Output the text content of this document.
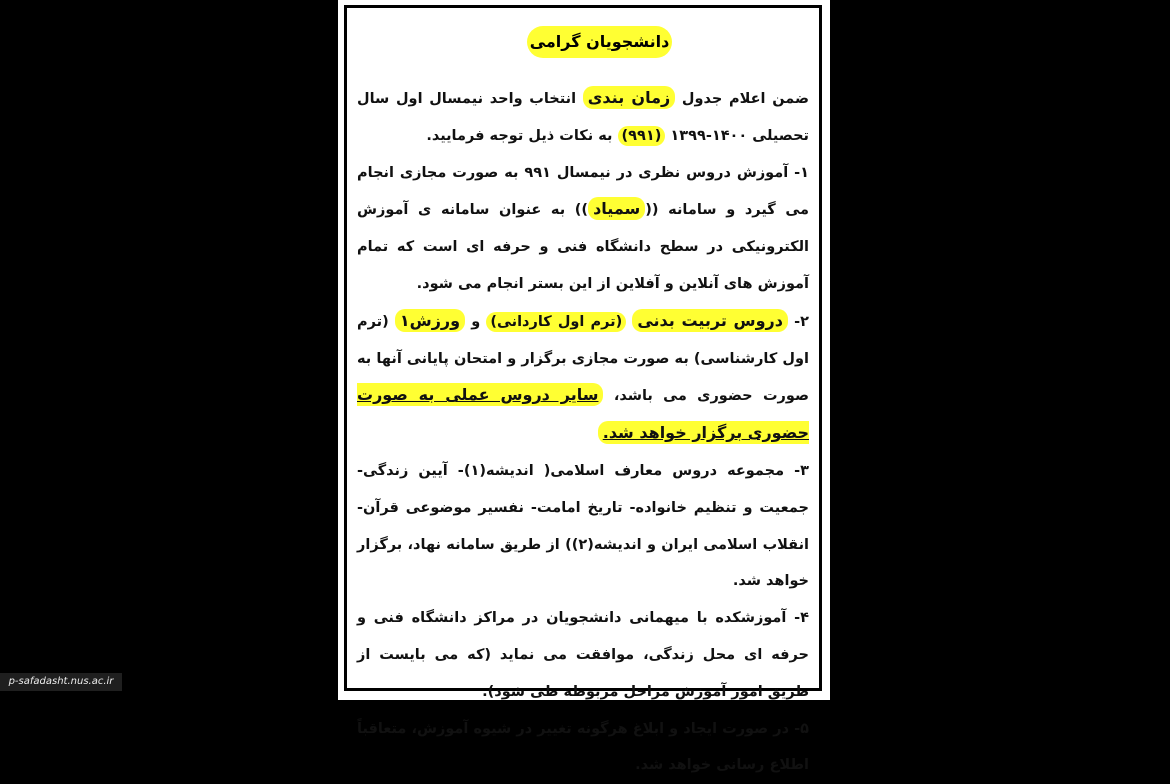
دانشجویان گرامی

ضمن اعلام جدول زمان بندی انتخاب واحد نیمسال اول سال تحصیلی ۱۴۰۰-۱۳۹۹ (۹۹۱) به نکات ذیل توجه فرمایید.

۱- آموزش دروس نظری در نیمسال ۹۹۱ به صورت مجازی انجام می گیرد و سامانه ((سمیاد)) به عنوان سامانه ی آموزش الکترونیکی در سطح دانشگاه فنی و حرفه ای است که تمام آموزش های آنلاین و آفلاین از این بستر انجام می شود.

۲- دروس تربیت بدنی (ترم اول کاردانی) و ورزش۱ (ترم اول کارشناسی) به صورت مجازی برگزار و امتحان پایانی آنها به صورت حضوری می باشد، سایر دروس عملی به صورت حضوری برگزار خواهد شد.

۳- مجموعه دروس معارف اسلامی( اندیشه(۱)- آیین زندگی- جمعیت و تنظیم خانواده- تاریخ امامت- نفسیر موضوعی قرآن- انقلاب اسلامی ایران و اندیشه(۲)) از طریق سامانه نهاد، برگزار خواهد شد.

۴- آموزشکده با میهمانی دانشجویان در مراکز دانشگاه فنی و حرفه ای محل زندگی، موافقت می نماید (که می بایست از طریق امور آموزش مراحل مربوطه طی شود).

۵- در صورت ایجاد و ابلاغ هرگونه تغییر در شیوه آموزش، متعاقباً اطلاع رسانی خواهد شد.

p-safadasht.nus.ac.ir
